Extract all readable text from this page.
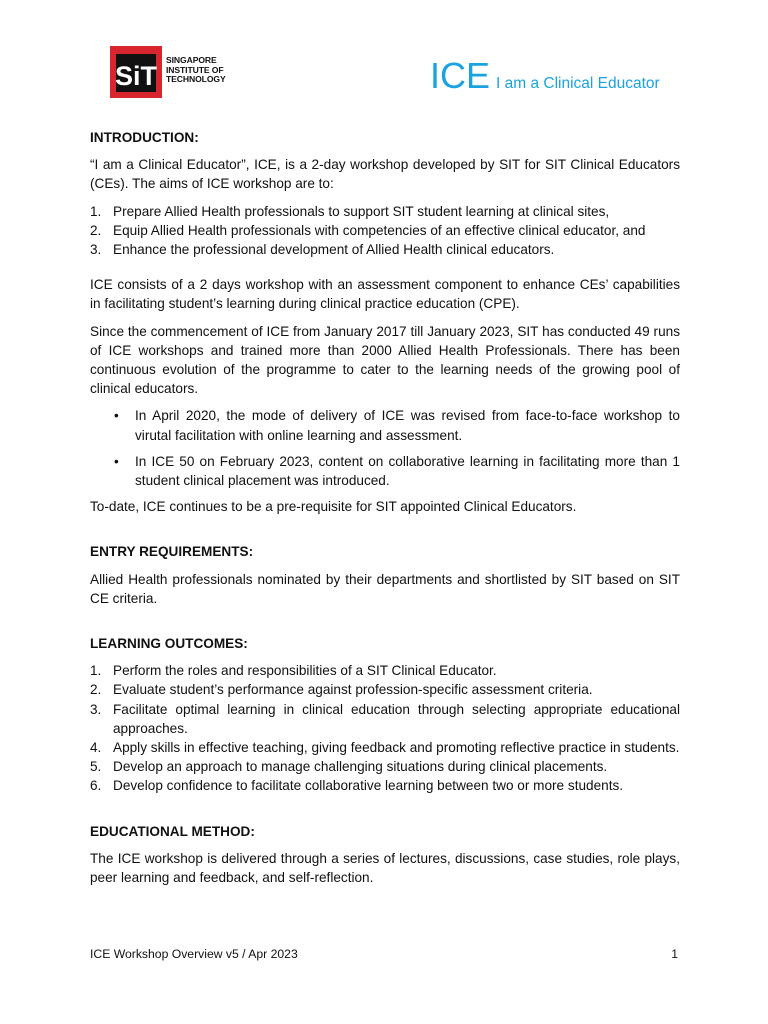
SiT
SINGAPORE
INSTITUTE OF
TECHNOLOGY	ICE I am a Clinical Educator

INTRODUCTION:

“I am a Clinical Educator”, ICE, is a 2-day workshop developed by SIT for SIT Clinical Educators (CEs). The aims of ICE workshop are to:

1. Prepare Allied Health professionals to support SIT student learning at clinical sites,
2. Equip Allied Health professionals with competencies of an effective clinical educator, and
3. Enhance the professional development of Allied Health clinical educators.

ICE consists of a 2 days workshop with an assessment component to enhance CEs’ capabilities in facilitating student’s learning during clinical practice education (CPE).

Since the commencement of ICE from January 2017 till January 2023, SIT has conducted 49 runs of ICE workshops and trained more than 2000 Allied Health Professionals. There has been continuous evolution of the programme to cater to the learning needs of the growing pool of clinical educators.

• In April 2020, the mode of delivery of ICE was revised from face-to-face workshop to virutal facilitation with online learning and assessment.
• In ICE 50 on February 2023, content on collaborative learning in facilitating more than 1 student clinical placement was introduced.

To-date, ICE continues to be a pre-requisite for SIT appointed Clinical Educators.

ENTRY REQUIREMENTS:

Allied Health professionals nominated by their departments and shortlisted by SIT based on SIT CE criteria.

LEARNING OUTCOMES:

1. Perform the roles and responsibilities of a SIT Clinical Educator.
2. Evaluate student’s performance against profession-specific assessment criteria.
3. Facilitate optimal learning in clinical education through selecting appropriate educational approaches.
4. Apply skills in effective teaching, giving feedback and promoting reflective practice in students.
5. Develop an approach to manage challenging situations during clinical placements.
6. Develop confidence to facilitate collaborative learning between two or more students.

EDUCATIONAL METHOD:

The ICE workshop is delivered through a series of lectures, discussions, case studies, role plays, peer learning and feedback, and self-reflection.

ICE Workshop Overview v5 / Apr 2023	1
